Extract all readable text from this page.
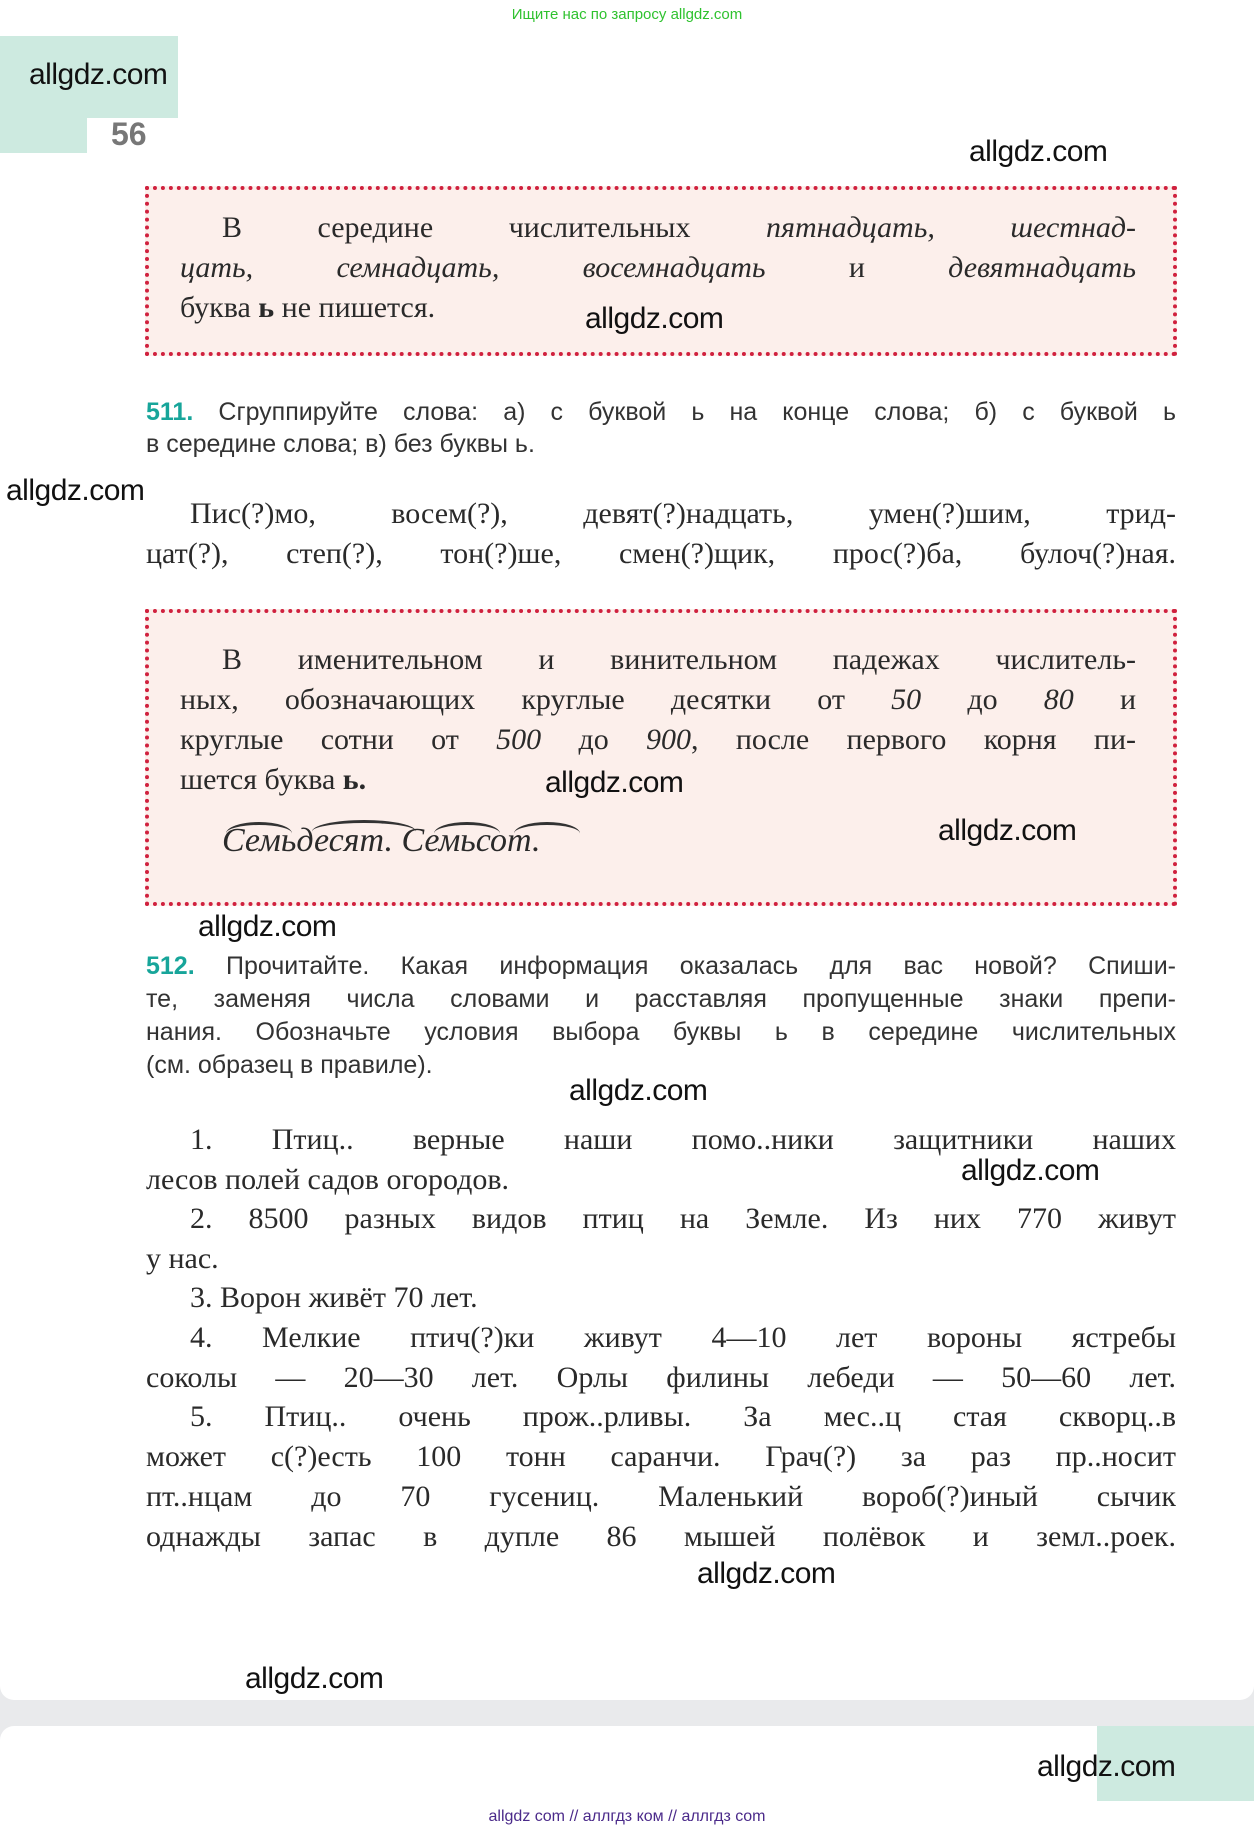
Ищите нас по запросу allgdz.com
56
allgdz.com
allgdz.com
В середине числительных пятнадцать, шестнад-
цать, семнадцать, восемнадцать и девятнадцать
буква ь не пишется.	allgdz.com
511. Сгруппируйте слова: а) с буквой ь на конце слова; б) с буквой ь
в середине слова; в) без буквы ь.
allgdz.com
Пис(?)мо, восем(?), девят(?)надцать, умен(?)шим, трид-
цат(?), степ(?), тон(?)ше, смен(?)щик, прос(?)ба, булоч(?)ная.
В именительном и винительном падежах числитель-
ных, обозначающих круглые десятки от 50 до 80 и
круглые сотни от 500 до 900, после первого корня пи-
шется буква ь.	allgdz.com
Семьдесят. Семьсот.	allgdz.com
allgdz.com
512. Прочитайте. Какая информация оказалась для вас новой? Спиши-
те, заменяя числа словами и расставляя пропущенные знаки препи-
нания. Обозначьте условия выбора буквы ь в середине числительных
(см. образец в правиле).
allgdz.com
1. Птиц.. верные наши помо..ники защитники наших
лесов полей садов огородов.	allgdz.com
2. 8500 разных видов птиц на Земле. Из них 770 живут
у нас.
3. Ворон живёт 70 лет.
4. Мелкие птич(?)ки живут 4—10 лет вороны ястребы
соколы — 20—30 лет. Орлы филины лебеди — 50—60 лет.
5. Птиц.. очень прож..рливы. За мес..ц стая скворц..в
может с(?)есть 100 тонн саранчи. Грач(?) за раз пр..носит
пт..нцам до 70 гусениц. Маленький вороб(?)иный сычик
однажды запас в дупле 86 мышей полёвок и земл..роек.
allgdz.com
allgdz.com
allgdz.com
allgdz com // аллгдз ком // аллгдз com
